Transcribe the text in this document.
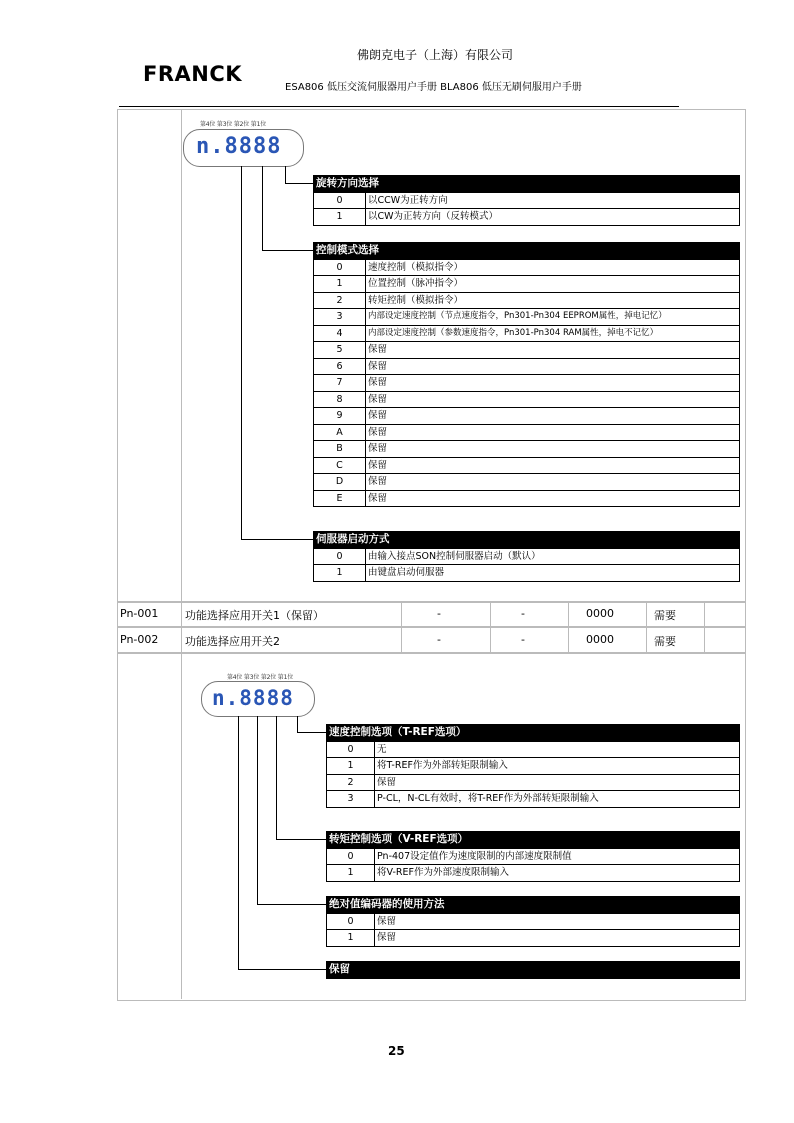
佛朗克电子（上海）有限公司
FRANCK
ESA806 低压交流伺服器用户手册 BLA806 低压无刷伺服用户手册
Pn-001 功能选择应用开关1（保留）	-	-	0000	需要
Pn-002 功能选择应用开关2	-	-	0000	需要
第4位 第3位 第2位 第1位
n.8888
旋转方向选择		
0	以CCW为正转方向	
1	以CW为正转方向（反转模式）	
控制模式选择		
0	速度控制（模拟指令）	
1	位置控制（脉冲指令）	
2	转矩控制（模拟指令）	
3	内部设定速度控制（节点速度指令，Pn301-Pn304 EEPROM属性，掉电记忆）	
4	内部设定速度控制（参数速度指令，Pn301-Pn304 RAM属性，掉电不记忆）	
5	保留	
6	保留	
7	保留	
8	保留	
9	保留	
A	保留	
B	保留	
C	保留	
D	保留	
E	保留	
伺服器启动方式		
0	由输入接点SON控制伺服器启动（默认）	
1	由键盘启动伺服器	
第4位 第3位 第2位 第1位
n.8888
速度控制选项（T-REF选项）		
0	无	
1	将T-REF作为外部转矩限制输入	
2	保留	
3	P-CL，N-CL有效时，将T-REF作为外部转矩限制输入	
转矩控制选项（V-REF选项）		
0	Pn-407设定值作为速度限制的内部速度限制值	
1	将V-REF作为外部速度限制输入	
绝对值编码器的使用方法		
0	保留	
1	保留	
保留	
25
